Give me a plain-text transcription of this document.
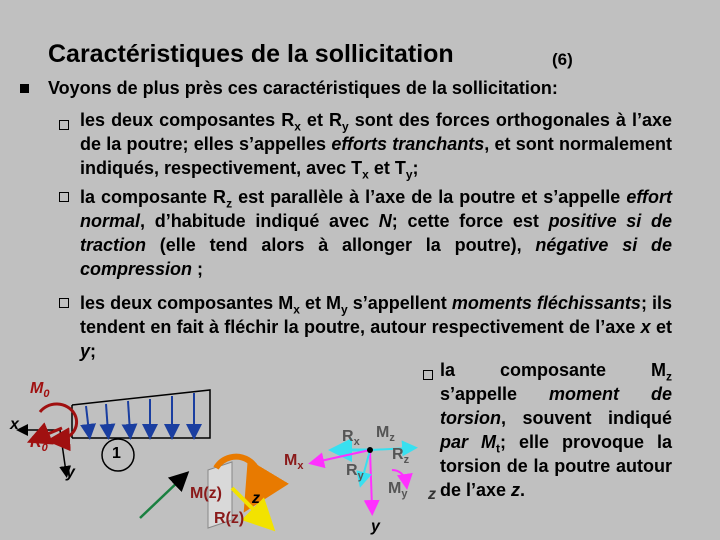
Caractéristiques de la sollicitation	(6)
Voyons de plus près ces caractéristiques de la sollicitation:
les deux composantes $R_x$ et $R_y$ sont des forces orthogonales à l’axe de la poutre; elles s’appelles efforts tranchants, et sont normalement indiqués, respectivement, avec $T_x$ et $T_y$;
la composante $R_z$ est parallèle à l’axe de la poutre et s’appelle effort normal, d’habitude indiqué avec N; cette force est positive si de traction (elle tend alors à allonger la poutre), négative si de compression ;
les deux composantes $M_x$ et $M_y$ s’appellent moments fléchissants; ils tendent en fait à fléchir la poutre, autour respectivement de l’axe x et y;
la composante $M_z$ s’appelle moment de torsion, souvent indiqué par $M_t$; elle provoque la torsion de la poutre autour de l’axe z.
$M_0$
$R_0$
x
y
1
M(z) z
R(z)
$M_x$
$R_x$
$M_z$
$R_z$
$R_y$
$M_y$ z
y
